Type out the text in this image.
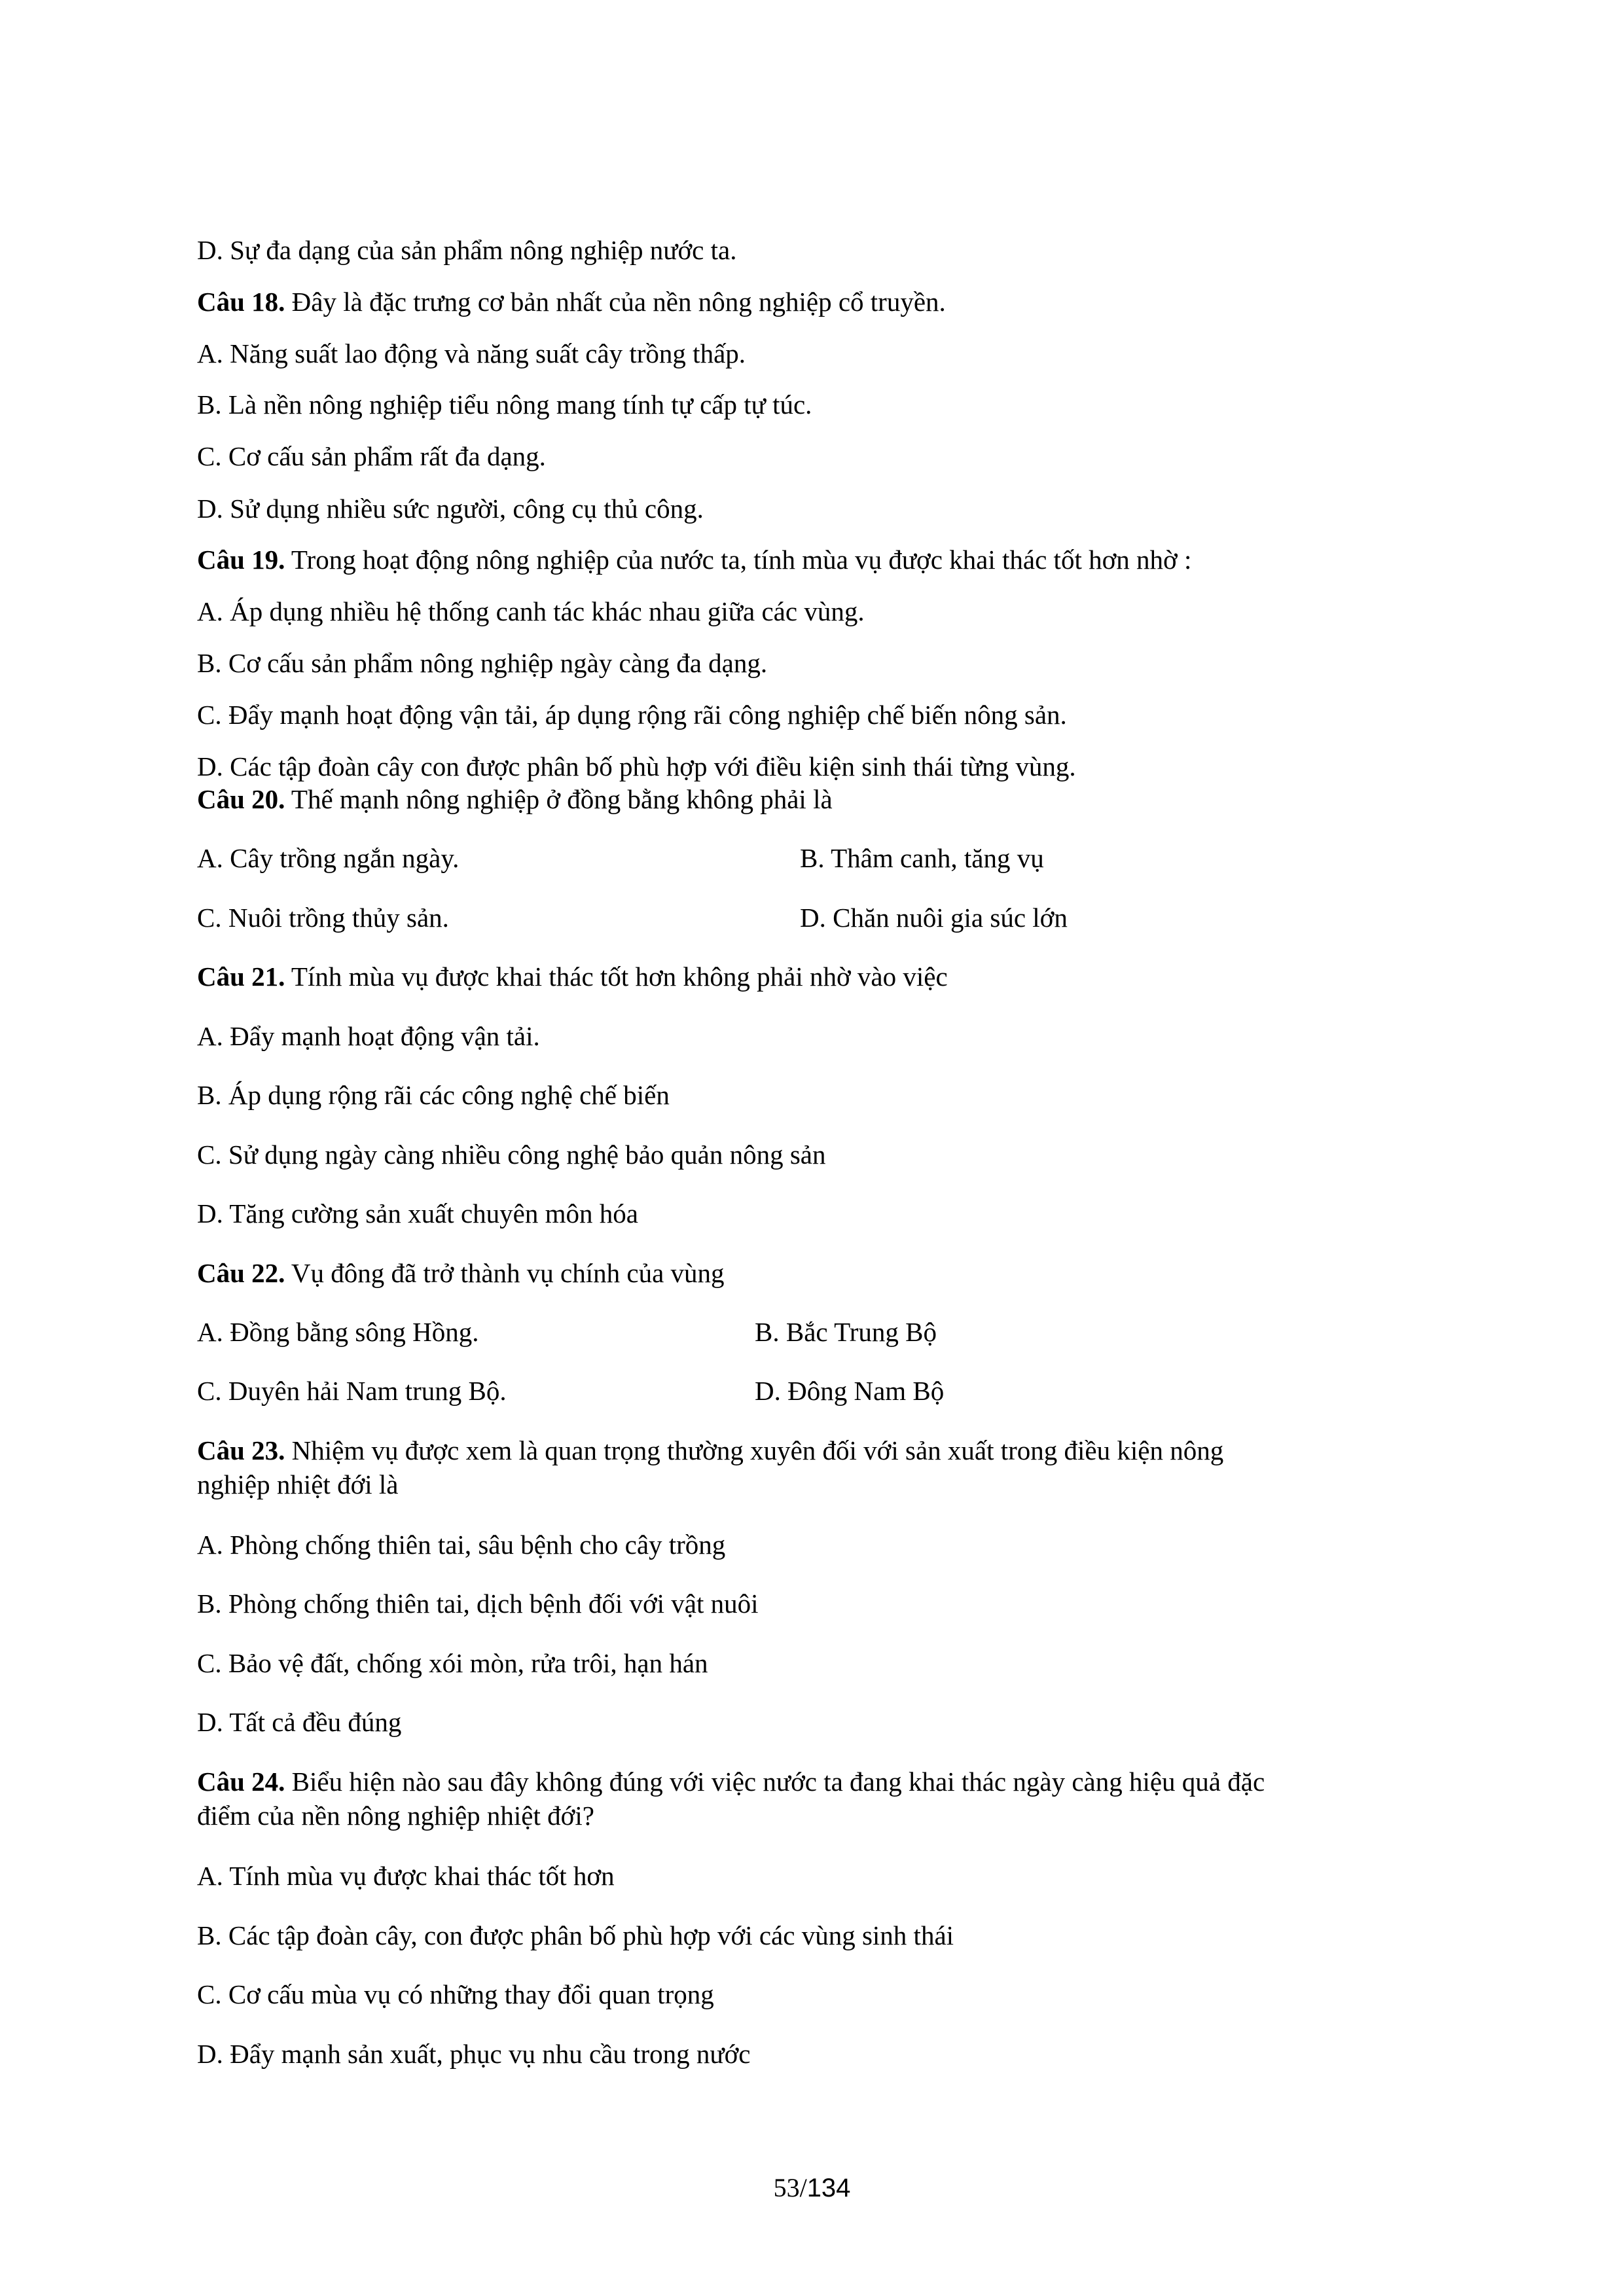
D. Sự đa dạng của sản phẩm nông nghiệp nước ta.
Câu 18. Đây là đặc trưng cơ bản nhất của nền nông nghiệp cổ truyền.
A. Năng suất lao động và năng suất cây trồng thấp.
B. Là nền nông nghiệp tiểu nông mang tính tự cấp tự túc.
C. Cơ cấu sản phẩm rất đa dạng.
D. Sử dụng nhiều sức người, công cụ thủ công.
Câu 19. Trong hoạt động nông nghiệp của nước ta, tính mùa vụ được khai thác tốt hơn nhờ :
A. Áp dụng nhiều hệ thống canh tác khác nhau giữa các vùng.
B. Cơ cấu sản phẩm nông nghiệp ngày càng đa dạng.
C. Đẩy mạnh hoạt động vận tải, áp dụng rộng rãi công nghiệp chế biến nông sản.
D. Các tập đoàn cây con được phân bố phù hợp với điều kiện sinh thái từng vùng.
Câu 20. Thế mạnh nông nghiệp ở đồng bằng không phải là
A. Cây trồng ngắn ngày.	B. Thâm canh, tăng vụ
C. Nuôi trồng thủy sản.	D. Chăn nuôi gia súc lớn
Câu 21. Tính mùa vụ được khai thác tốt hơn không phải nhờ vào việc
A. Đẩy mạnh hoạt động vận tải.
B. Áp dụng rộng rãi các công nghệ chế biến
C. Sử dụng ngày càng nhiều công nghệ bảo quản nông sản
D. Tăng cường sản xuất chuyên môn hóa
Câu 22. Vụ đông đã trở thành vụ chính của vùng
A. Đồng bằng sông Hồng.	B. Bắc Trung Bộ
C. Duyên hải Nam trung Bộ.	D. Đông Nam Bộ
Câu 23. Nhiệm vụ được xem là quan trọng thường xuyên đối với sản xuất trong điều kiện nông
nghiệp nhiệt đới là
A. Phòng chống thiên tai, sâu bệnh cho cây trồng
B. Phòng chống thiên tai, dịch bệnh đối với vật nuôi
C. Bảo vệ đất, chống xói mòn, rửa trôi, hạn hán
D. Tất cả đều đúng
Câu 24. Biểu hiện nào sau đây không đúng với việc nước ta đang khai thác ngày càng hiệu quả đặc
điểm của nền nông nghiệp nhiệt đới?
A. Tính mùa vụ được khai thác tốt hơn
B. Các tập đoàn cây, con được phân bố phù hợp với các vùng sinh thái
C. Cơ cấu mùa vụ có những thay đổi quan trọng
D. Đẩy mạnh sản xuất, phục vụ nhu cầu trong nước
53/134
